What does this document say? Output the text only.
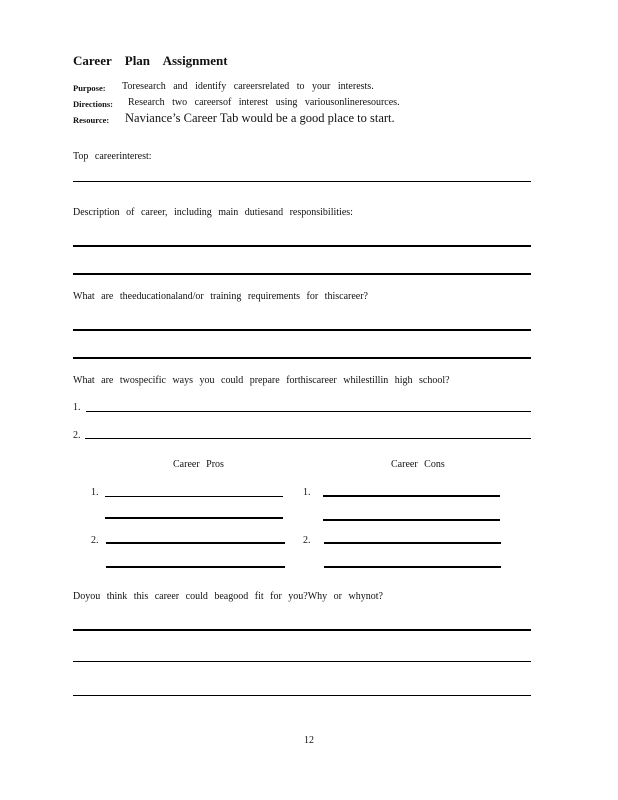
Career Plan Assignment
Purpose: Toresearch and identify careersrelated to your interests.
Directions: Research two careersof interest using variousonlineresources.
Resource: Naviance’s Career Tab would be a good place to start.
Top careerinterest:
Description of career, including main dutiesand responsibilities:
What are theeducationaland/or training requirements for thiscareer?
What are twospecific ways you could prepare forthiscareer whilestillin high school?
1.
2.
Career Pros	Career Cons
1.
2.
1.
2.
Doyou think this career could beagood fit for you?Why or whynot?
12
